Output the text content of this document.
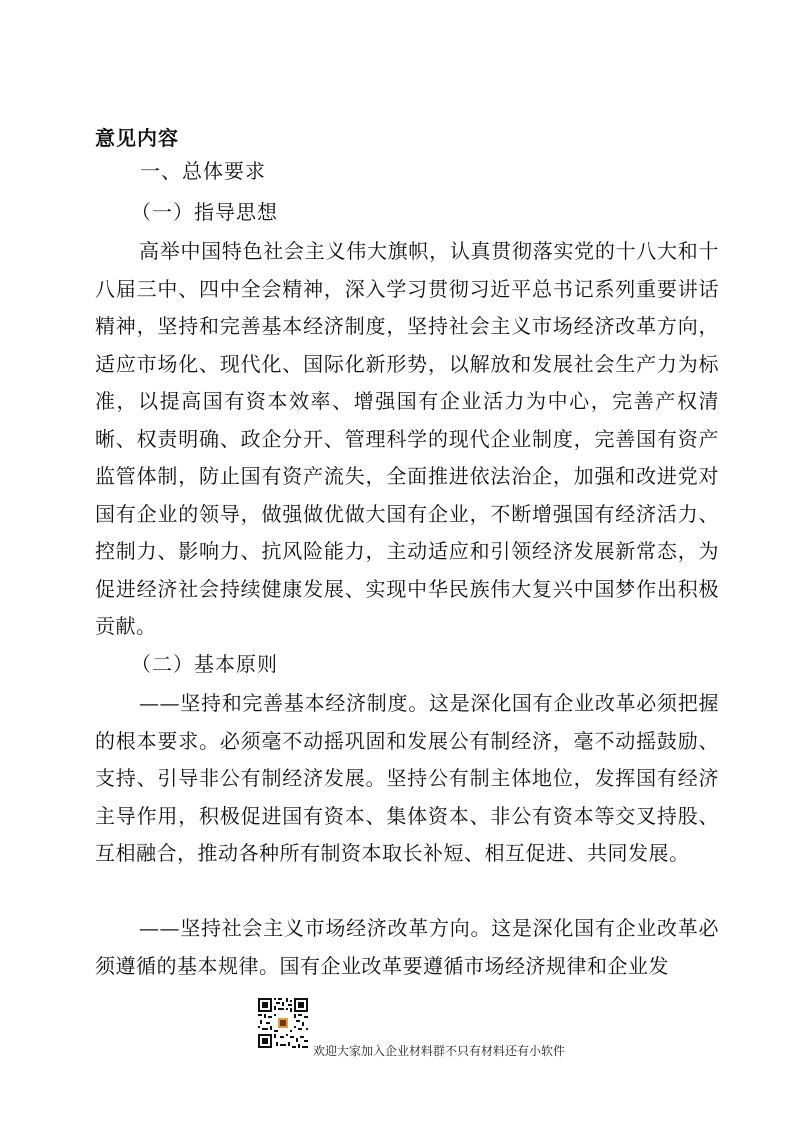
意见内容

一、总体要求

（一）指导思想

高举中国特色社会主义伟大旗帜，认真贯彻落实党的十八大和十八届三中、四中全会精神，深入学习贯彻习近平总书记系列重要讲话精神，坚持和完善基本经济制度，坚持社会主义市场经济改革方向，适应市场化、现代化、国际化新形势，以解放和发展社会生产力为标准，以提高国有资本效率、增强国有企业活力为中心，完善产权清晰、权责明确、政企分开、管理科学的现代企业制度，完善国有资产监管体制，防止国有资产流失，全面推进依法治企，加强和改进党对国有企业的领导，做强做优做大国有企业，不断增强国有经济活力、控制力、影响力、抗风险能力，主动适应和引领经济发展新常态，为促进经济社会持续健康发展、实现中华民族伟大复兴中国梦作出积极贡献。

（二）基本原则

——坚持和完善基本经济制度。这是深化国有企业改革必须把握的根本要求。必须毫不动摇巩固和发展公有制经济，毫不动摇鼓励、支持、引导非公有制经济发展。坚持公有制主体地位，发挥国有经济主导作用，积极促进国有资本、集体资本、非公有资本等交叉持股、互相融合，推动各种所有制资本取长补短、相互促进、共同发展。

——坚持社会主义市场经济改革方向。这是深化国有企业改革必须遵循的基本规律。国有企业改革要遵循市场经济规律和企业发

欢迎大家加入企业材料群不只有材料还有小软件
